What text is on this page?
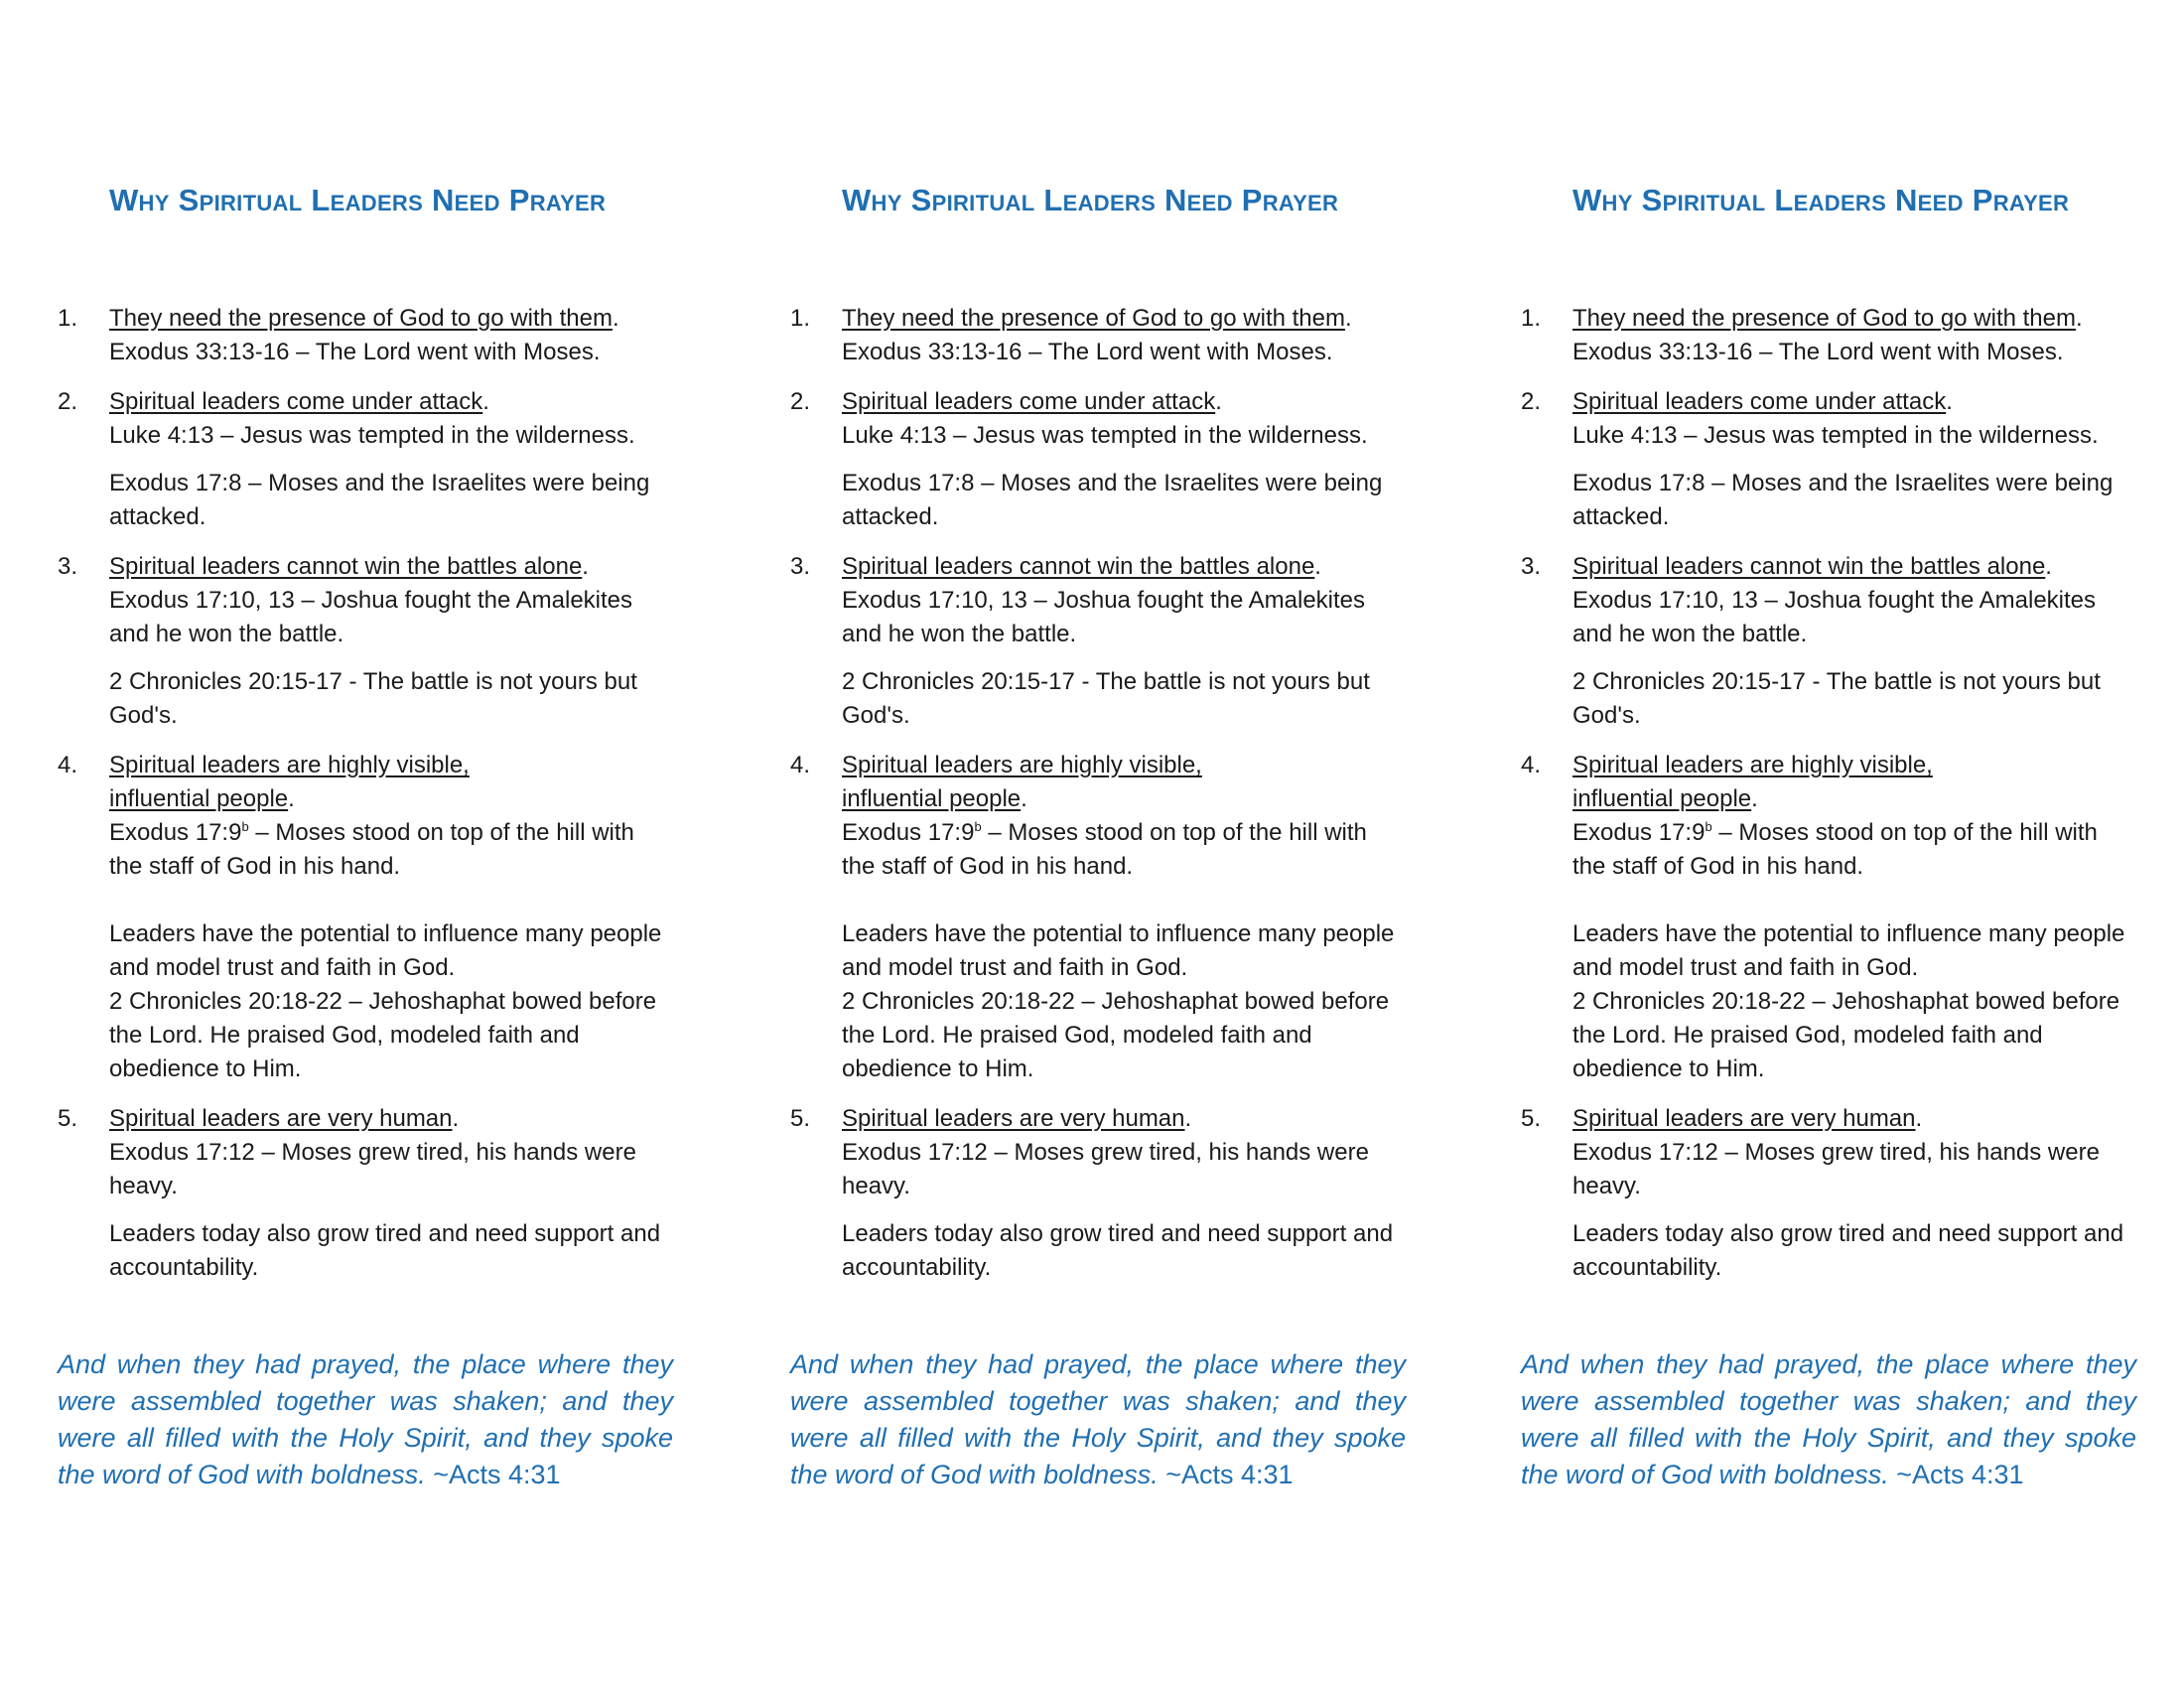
Why Spiritual Leaders Need Prayer
1.	They need the presence of God to go with them.
Exodus 33:13-16 – The Lord went with Moses.
2.	Spiritual leaders come under attack.
Luke 4:13 – Jesus was tempted in the wilderness.
Exodus 17:8 – Moses and the Israelites were being attacked.
3.	Spiritual leaders cannot win the battles alone.
Exodus 17:10, 13 – Joshua fought the Amalekites and he won the battle.
2 Chronicles 20:15-17 - The battle is not yours but God's.
4.	Spiritual leaders are highly visible,
influential people.
Exodus 17:9$^b$ – Moses stood on top of the hill with the staff of God in his hand.
Leaders have the potential to influence many people and model trust and faith in God.
2 Chronicles 20:18-22 – Jehoshaphat bowed before the Lord. He praised God, modeled faith and obedience to Him.
5.	Spiritual leaders are very human.
Exodus 17:12 – Moses grew tired, his hands were heavy.
Leaders today also grow tired and need support and accountability.

And when they had prayed, the place where they were assembled together was shaken; and they were all filled with the Holy Spirit, and they spoke the word of God with boldness. ~Acts 4:31

Why Spiritual Leaders Need Prayer
1.	They need the presence of God to go with them.
Exodus 33:13-16 – The Lord went with Moses.
2.	Spiritual leaders come under attack.
Luke 4:13 – Jesus was tempted in the wilderness.
Exodus 17:8 – Moses and the Israelites were being attacked.
3.	Spiritual leaders cannot win the battles alone.
Exodus 17:10, 13 – Joshua fought the Amalekites and he won the battle.
2 Chronicles 20:15-17 - The battle is not yours but God's.
4.	Spiritual leaders are highly visible,
influential people.
Exodus 17:9$^b$ – Moses stood on top of the hill with the staff of God in his hand.
Leaders have the potential to influence many people and model trust and faith in God.
2 Chronicles 20:18-22 – Jehoshaphat bowed before the Lord. He praised God, modeled faith and obedience to Him.
5.	Spiritual leaders are very human.
Exodus 17:12 – Moses grew tired, his hands were heavy.
Leaders today also grow tired and need support and accountability.

And when they had prayed, the place where they were assembled together was shaken; and they were all filled with the Holy Spirit, and they spoke the word of God with boldness. ~Acts 4:31

Why Spiritual Leaders Need Prayer
1.	They need the presence of God to go with them.
Exodus 33:13-16 – The Lord went with Moses.
2.	Spiritual leaders come under attack.
Luke 4:13 – Jesus was tempted in the wilderness.
Exodus 17:8 – Moses and the Israelites were being attacked.
3.	Spiritual leaders cannot win the battles alone.
Exodus 17:10, 13 – Joshua fought the Amalekites and he won the battle.
2 Chronicles 20:15-17 - The battle is not yours but God's.
4.	Spiritual leaders are highly visible,
influential people.
Exodus 17:9$^b$ – Moses stood on top of the hill with the staff of God in his hand.
Leaders have the potential to influence many people and model trust and faith in God.
2 Chronicles 20:18-22 – Jehoshaphat bowed before the Lord. He praised God, modeled faith and obedience to Him.
5.	Spiritual leaders are very human.
Exodus 17:12 – Moses grew tired, his hands were heavy.
Leaders today also grow tired and need support and accountability.

And when they had prayed, the place where they were assembled together was shaken; and they were all filled with the Holy Spirit, and they spoke the word of God with boldness. ~Acts 4:31
